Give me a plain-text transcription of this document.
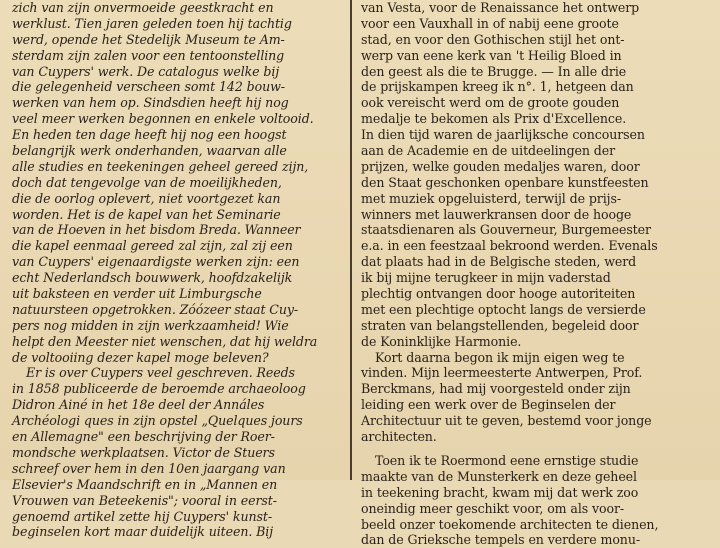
zich van zijn onvermoeide geestkracht en
werklust. Tien jaren geleden toen hij tachtig
werd, opende het Stedelijk Museum te Am-
sterdam zijn zalen voor een tentoonstelling
van Cuypers' werk. De catalogus welke bij
die gelegenheid verscheen somt 142 bouw-
werken van hem op. Sindsdien heeft hij nog
veel meer werken begonnen en enkele voltooid.
En heden ten dage heeft hij nog een hoogst
belangrijk werk onderhanden, waarvan alle
alle studies en teekeningen geheel gereed zijn,
doch dat tengevolge van de moeilijkheden,
die de oorlog oplevert, niet voortgezet kan
worden. Het is de kapel van het Seminarie
van de Hoeven in het bisdom Breda. Wanneer
die kapel eenmaal gereed zal zijn, zal zij een
van Cuypers' eigenaardigste werken zijn: een
echt Nederlandsch bouwwerk, hoofdzakelijk
uit baksteen en verder uit Limburgsche
natuursteen opgetrokken. Zóózeer staat Cuy-
pers nog midden in zijn werkzaamheid! Wie
helpt den Meester niet wenschen, dat hij weldra
de voltooiing dezer kapel moge beleven?
Er is over Cuypers veel geschreven. Reeds
in 1858 publiceerde de beroemde archaeoloog
Didron Ainé in het 18e deel der Annáles
Archéologi ques in zijn opstel „Quelques jours
en Allemagne" een beschrijving der Roer-
mondsche werkplaatsen. Victor de Stuers
schreef over hem in den 10en jaargang van
Elsevier's Maandschrift en in „Mannen en
Vrouwen van Beteekenis"; vooral in eerst-
genoemd artikel zette hij Cuypers' kunst-
beginselen kort maar duidelijk uiteen. Bij
van Vesta, voor de Renaissance het ontwerp
voor een Vauxhall in of nabij eene groote
stad, en voor den Gothischen stijl het ont-
werp van eene kerk van 't Heilig Bloed in
den geest als die te Brugge. — In alle drie
de prijskampen kreeg ik n°. 1, hetgeen dan
ook vereischt werd om de groote gouden
medalje te bekomen als Prix d'Excellence.
In dien tijd waren de jaarlijksche concoursen
aan de Academie en de uitdeelingen der
prijzen, welke gouden medaljes waren, door
den Staat geschonken openbare kunstfeesten
met muziek opgeluisterd, terwijl de prijs-
winners met lauwerkransen door de hooge
staatsdienaren als Gouverneur, Burgemeester
e.a. in een feestzaal bekroond werden. Evenals
dat plaats had in de Belgische steden, werd
ik bij mijne terugkeer in mijn vaderstad
plechtig ontvangen door hooge autoriteiten
met een plechtige optocht langs de versierde
straten van belangstellenden, begeleid door
de Koninklijke Harmonie.
Kort daarna begon ik mijn eigen weg te
vinden. Mijn leermeesterte Antwerpen, Prof.
Berckmans, had mij voorgesteld onder zijn
leiding een werk over de Beginselen der
Architectuur uit te geven, bestemd voor jonge
architecten.
Toen ik te Roermond eene ernstige studie
maakte van de Munsterkerk en deze geheel
in teekening bracht, kwam mij dat werk zoo
oneindig meer geschikt voor, om als voor-
beeld onzer toekomende architecten te dienen,
dan de Grieksche tempels en verdere monu-
